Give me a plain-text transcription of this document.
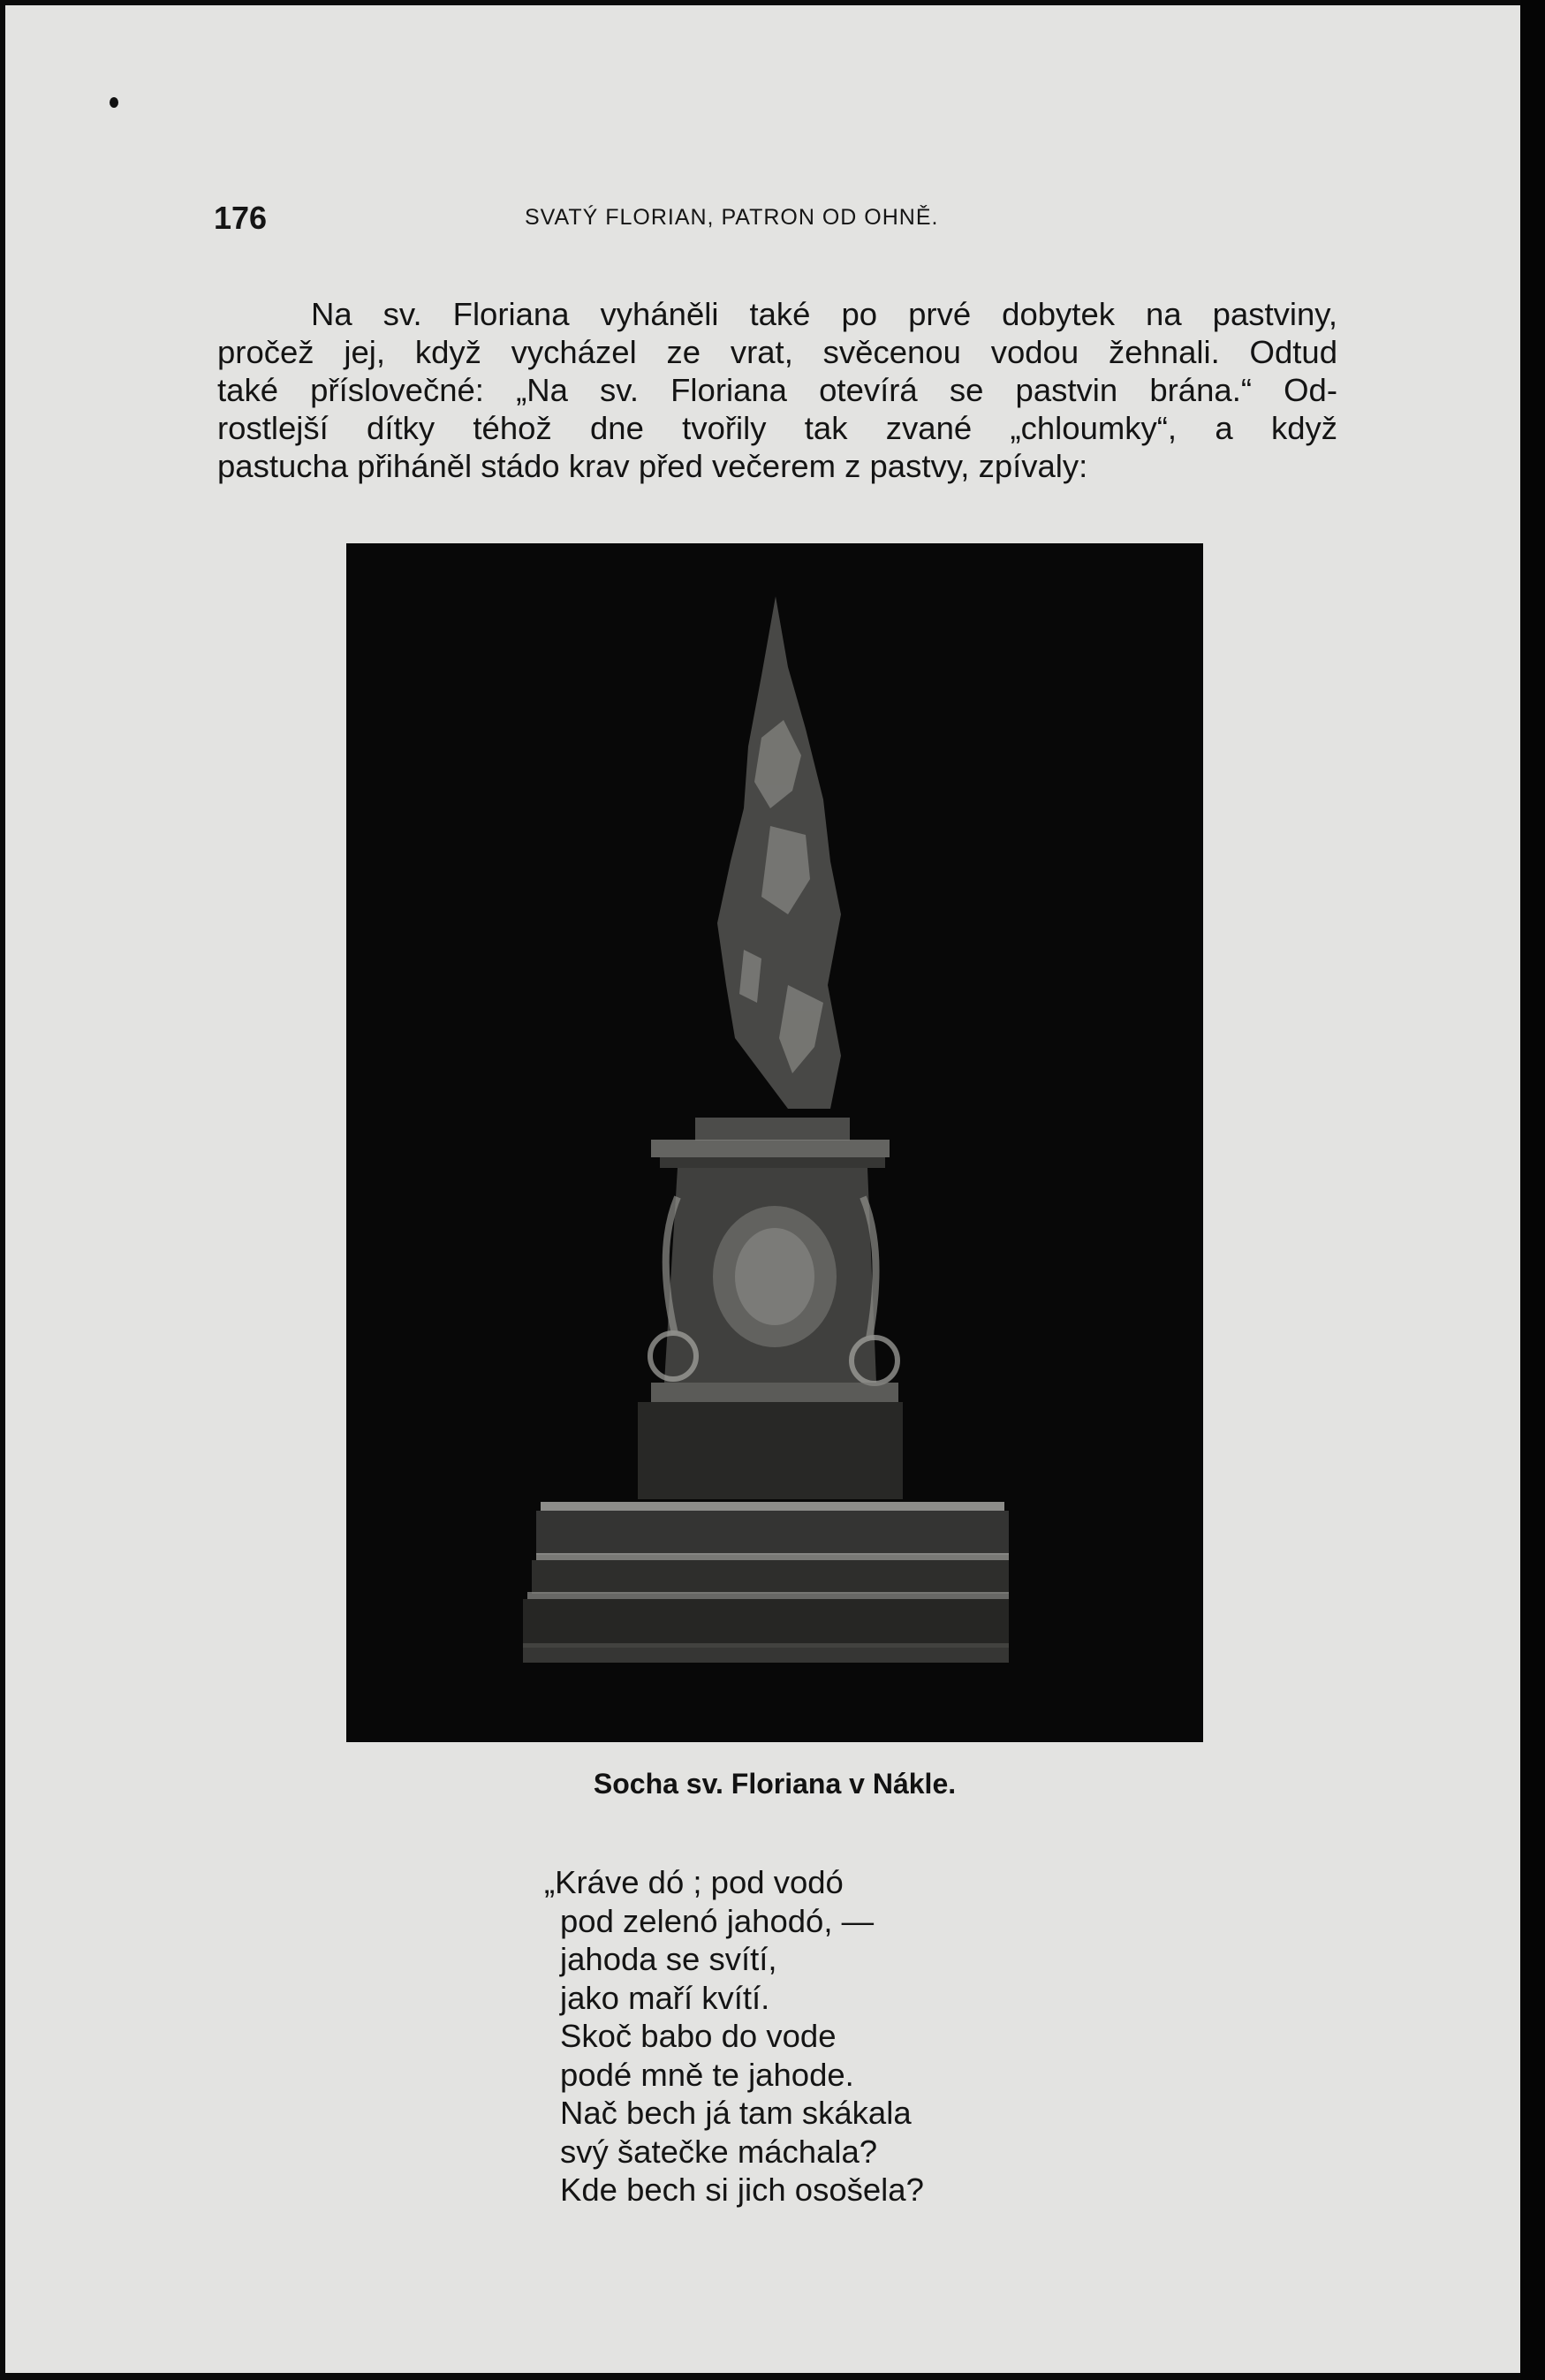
176	SVATÝ FLORIAN, PATRON OD OHNĚ.
Na sv. Floriana vyháněli také po prvé dobytek na pastviny,
pročež jej, když vycházel ze vrat, svěcenou vodou žehnali. Odtud
také příslovečné: „Na sv. Floriana otevírá se pastvin brána.“ Od-
rostlejší dítky téhož dne tvořily tak zvané „chloumky“, a když
pastucha přiháněl stádo krav před večerem z pastvy, zpívaly:
Socha sv. Floriana v Nákle.
„Kráve dó ; pod vodó
pod zelenó jahodó, —
jahoda se svítí,
jako maří kvítí.
Skoč babo do vode
podé mně te jahode.
Nač bech já tam skákala
svý šatečke máchala?
Kde bech si jich osošela?
